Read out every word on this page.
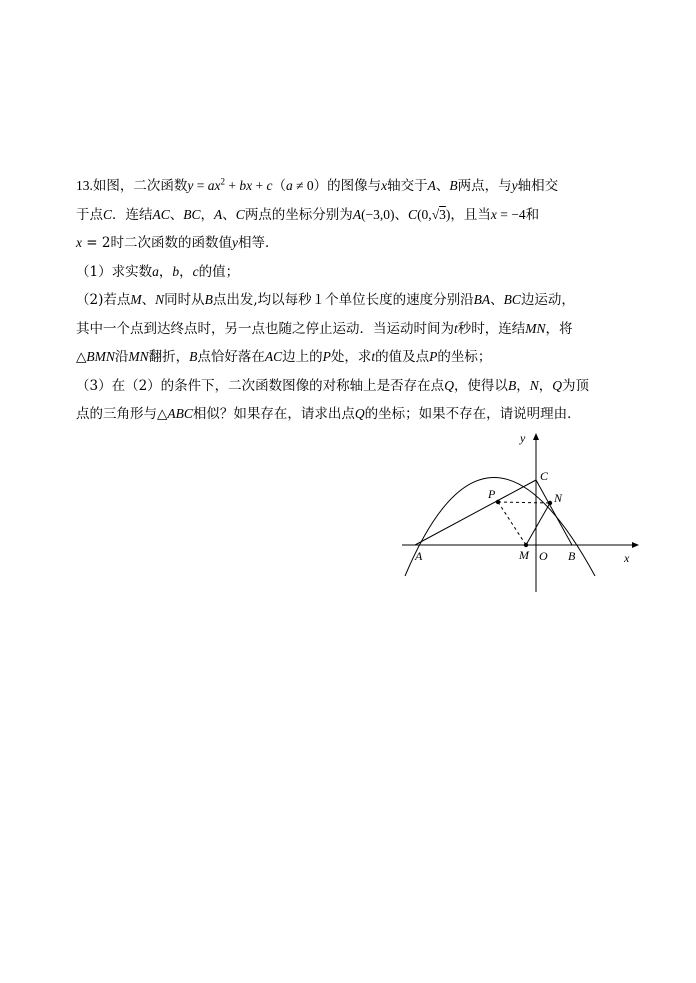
13.如图，二次函数$y = ax^2$ + bx + c（a ≠ 0）的图像与x轴交于A、B两点，与y轴相交
于点C．连结AC、BC，A、C两点的坐标分别为A(−3,0)、C(0,√3)，且当x = −4和
x = 2时二次函数的函数值y相等．
（1）求实数a，b，c的值；
（2)若点M、N同时从B点出发,均以每秒１个单位长度的速度分别沿BA、BC边运动，
其中一个点到达终点时，另一点也随之停止运动．当运动时间为t秒时，连结MN，将
△BMN沿MN翻折，B点恰好落在AC边上的P处，求t的值及点P的坐标；
（3）在（2）的条件下，二次函数图像的对称轴上是否存在点Q，使得以B，N，Q为顶
点的三角形与△ABC相似？如果存在，请求出点Q的坐标；如果不存在，请说明理由．
y
x
C
P	N
A	M O B
